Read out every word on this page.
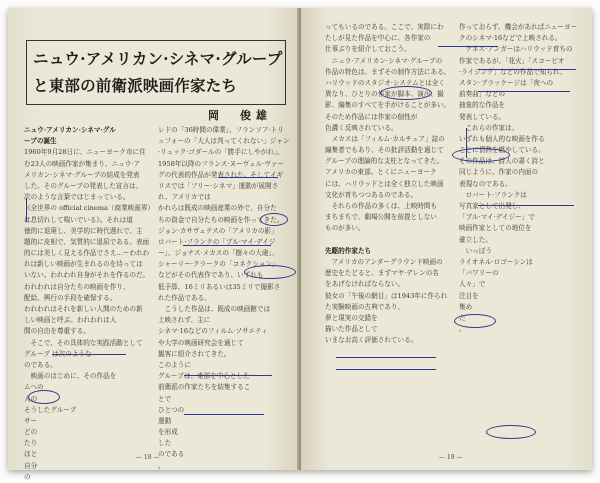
ニュウ·アメリカン·シネマ·グループ
と東部の前衛派映画作家たち
岡　俊雄
ニュウ·アメリカン·シネマ·グル
ープの誕生
1960年9月28日に、ニューヨーク市に住
む23人の映画作家が集まり、ニュウ·ア
メリカン·シネマ·グループの結成を発表
した。そのグループの発表した宣言は、
次のような言葉ではじまっている。
《全世界の official cinema（商業映画界）
は息切れして喘いでいる》。それは道
徳的に退廃し、美学的に時代遅れで、主
題的に皮相で、気質的に退屈である。表面
的には美しく見える作品でさえ…ーわれわ
れは新しい映画が生まれるのを待っては
いない。われわれ自身がそれを作るのだ。
われわれは自分たちの映画を作り、
配給、興行の手段を確保する。
われわれはそれを新しい人間のための新
しい映画と呼ぶ。われわれは人
間の自由を尊重する。
　そこで、その具体的な実践活動として
グループ は次のような
のである。
　映画のはじめに、その作品を
ムへの
人の
そうしたグループ
サー
どの
たり
ほと
自分
の
レドの「36時間の偉業」、フランソア·トリ
ュフォーの「大人は判ってくれない」ジャン
·リュック·ゴダールの「勝手にしやがれ」、
1958年以降のフランス·ヌーヴェル·ヴァー
グの代表的作品が発表された。そしてイギ
リスでは「フリー·シネマ」運動が展開さ
れ、アメリカでは
かれらは既成の映画産業の外で、自分た
ちの資金で自分たちの映画を作ってきた。
ジョン·カサヴェテスの「アメリカの影」
ロバート·フランクの「プル·マイ·デイジ
ー」、ジョナス·メカスの「樹々の大砲」、
シャーリー·クラークの「コネクション」
などがその代表作であり、いずれも
低予算、16ミリあるいは35ミリで撮影さ
れた作品である。
　こうした作品は、既成の映画館では
上映されず、主に
シネマ·16などのフィルム·ソサエティ
や大学の映画研究会を通じて
観客に紹介されてきた。
このように
グループは、東部を中心とした
前衛派の作家たちを結集するこ
とで
ひとつの
運動
を形成
した
のである
。
— 18 —
ってもいるのである。ここで、実際にわ
たしが見た作品を中心に、各作家の
仕事ぶりを紹介しておこう。
　ニュウ·アメリカン·シネマ·グループの
作品の特色は、まずその制作方法にある。
ハリウッドのスタジオ·システムとは全く
異なり、ひとりの作家が脚本、演出、撮
影、編集のすべてを手がけることが多い。
そのため作品には作家の個性が
色濃く反映されている。
　メカスは「フィルム·カルチュア」誌の
編集者でもあり、その批評活動を通じて
グループの理論的な支柱となってきた。
アメリカの東部、とくにニューヨーク
には、ハリウッドとは全く独立した映画
文化が育ちつつあるのである。
　それらの作品の多くは、上映時間も
まちまちで、劇場公開を前提としない
ものが多い。
先駆的作家たち
　アメリカのアンダーグラウンド映画の
歴史をたどると、まずマヤ·デレンの名
をあげなければならない。
彼女の「午後の網目」は1943年に作られ
た実験映画の古典であり、
夢と現実の交錯を
描いた作品として
いまなお高く評価されている。

作っておらず、機会があればニューヨー
クのシネマ·16などで上映される。
　ケネス·アンガーはハリウッド育ちの
作家であるが、「花火」「スコーピオ
·ライジング」などの作品で知られ、
スタン·ブラッケージは「夜への
前奏曲」などの
抽象的な作品を
発表している。
　これらの作家は、
いずれも個人的な映画を作る
ことに情熱を燃やしている。
その作品は、詩人の書く詩と
同じように、作家の内面の
表現なのである。
　ロバート·フランクは
写真家として出発し、
「プル·マイ·デイジー」で
映画作家としての地位を
確立した。
　いっぽう
ライオネル·ロゴーシンは
「バワリーの
人々」で
注目を
集め
た
。
— 19 —
